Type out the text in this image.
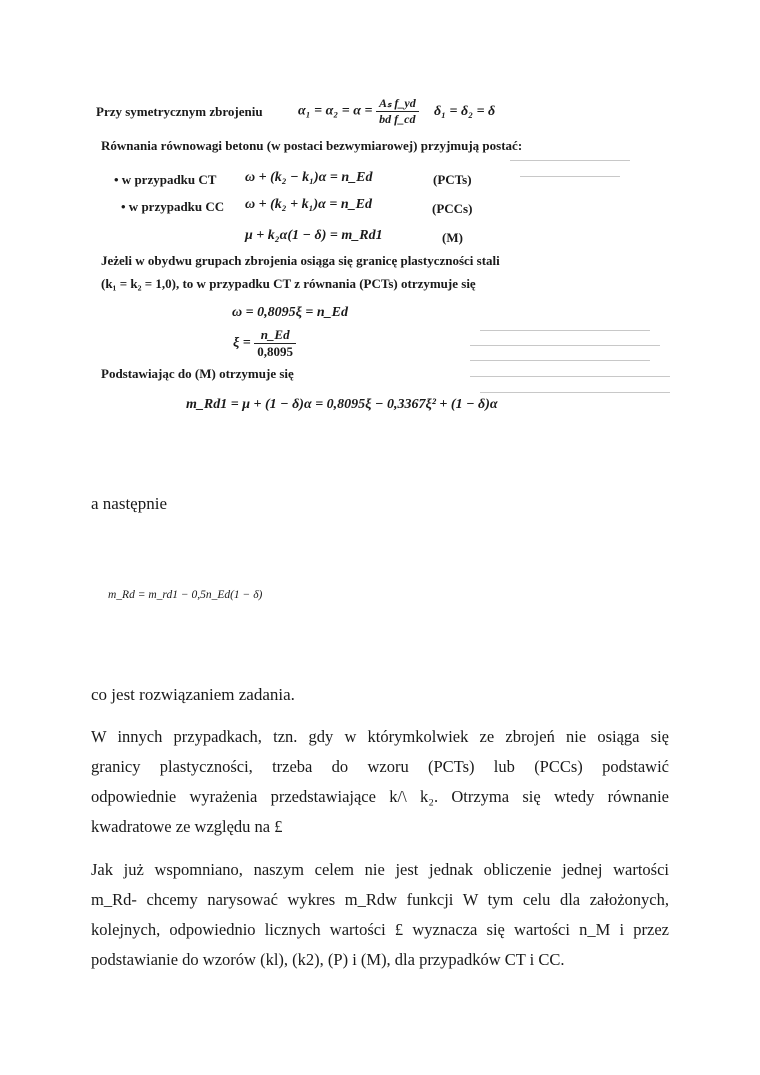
Przy symetrycznym zbrojeniu	$\alpha_1 = \alpha_2 = \alpha = \frac{\text{Aₛ f\_yd}}{\text{bd f\_cd}} \delta_1 = \delta_2 = \delta$
Równania równowagi betonu (w postaci bezwymiarowej) przyjmują postać:
• w przypadku CT ω + (k₂ − k₁)α = n_Ed	(PCTs)
• w przypadku CC ω + (k₂ + k₁)α = n_Ed	(PCCs)
μ + k₂α(1 − δ) = m_Rd1	(M)
Jeżeli w obydwu grupach zbrojenia osiąga się granicę plastyczności stali
(k₁ = k₂ = 1,0), to w przypadku CT z równania (PCTs) otrzymuje się
ω = 0,8095ξ = n_Ed
$\xi = \frac{n\_Ed}{0,8095}$
Podstawiając do (M) otrzymuje się
m_Rd1 = μ + (1 − δ)α = 0,8095ξ − 0,3367ξ² + (1 − δ)α
a następnie
m_Rd = m_rd1 − 0,5n_Ed(1 − δ)
co jest rozwiązaniem zadania.
W innych przypadkach, tzn. gdy w którymkolwiek ze zbrojeń nie osiąga się
granicy plastyczności, trzeba do wzoru (PCTs) lub (PCCs) podstawić
odpowiednie wyrażenia przedstawiające k/\ k₂. Otrzyma się wtedy równanie
kwadratowe ze względu na £
Jak już wspomniano, naszym celem nie jest jednak obliczenie jednej wartości
m_Rd- chcemy narysować wykres m_Rdw funkcji W tym celu dla założonych,
kolejnych, odpowiednio licznych wartości £ wyznacza się wartości n_M i przez
podstawianie do wzorów (kl), (k2), (P) i (M), dla przypadków CT i CC.
